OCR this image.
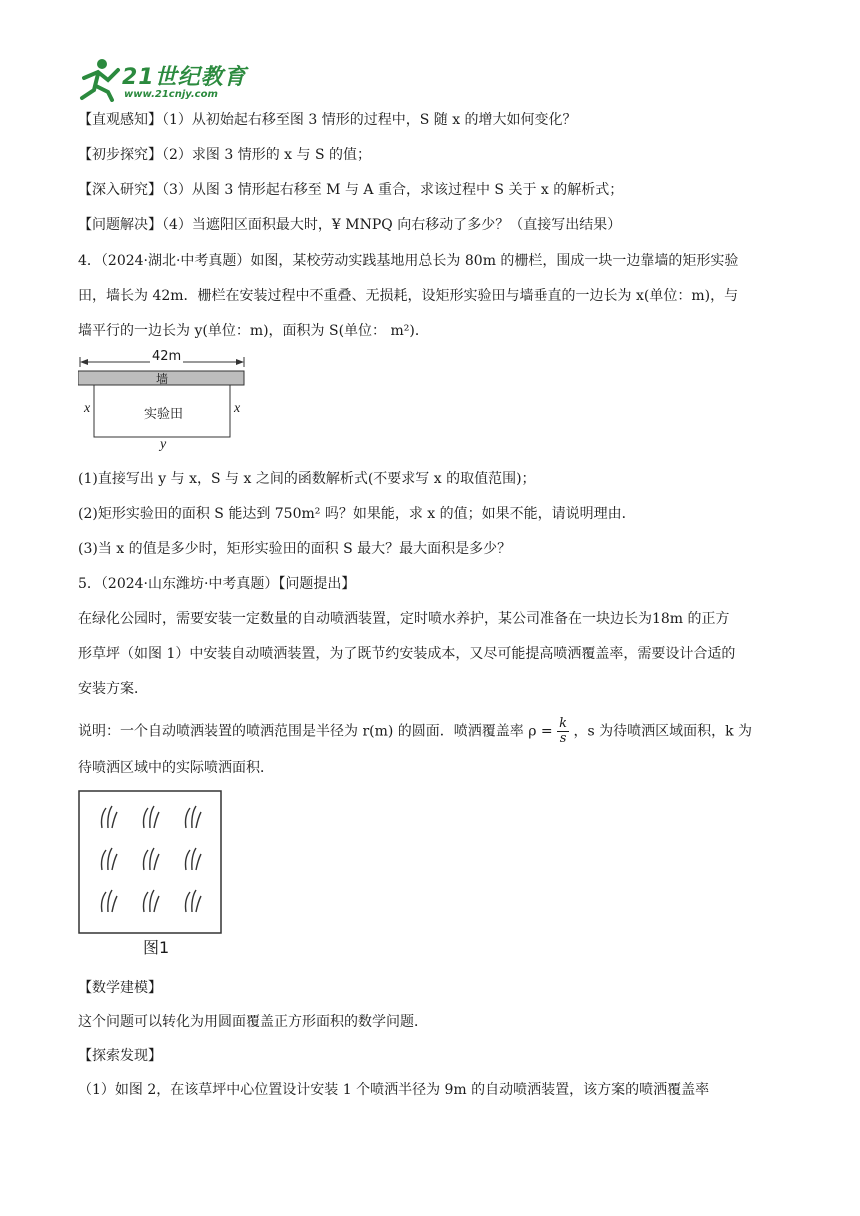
21世纪教育
www.21cnjy.com
【直观感知】（1）从初始起右移至图 3 情形的过程中，S 随 x 的增大如何变化？
【初步探究】（2）求图 3 情形的 x 与 S 的值；
【深入研究】（3）从图 3 情形起右移至 M 与 A 重合，求该过程中 S 关于 x 的解析式；
【问题解决】（4）当遮阳区面积最大时，¥ MNPQ 向右移动了多少？（直接写出结果）
4．（2024·湖北·中考真题）如图，某校劳动实践基地用总长为 80m 的栅栏，围成一块一边靠墙的矩形实验
田，墙长为 42m．栅栏在安装过程中不重叠、无损耗，设矩形实验田与墙垂直的一边长为 x(单位：m)，与
墙平行的一边长为 y(单位：m)，面积为 S(单位： m²)．
42m
墙
实验田
x	x
y
(1)直接写出 y 与 x，S 与 x 之间的函数解析式(不要求写 x 的取值范围)；
(2)矩形实验田的面积 S 能达到 750m² 吗？如果能，求 x 的值；如果不能，请说明理由．
(3)当 x 的值是多少时，矩形实验田的面积 S 最大？最大面积是多少？
5．（2024·山东潍坊·中考真题）【问题提出】
在绿化公园时，需要安装一定数量的自动喷洒装置，定时喷水养护，某公司准备在一块边长为18m 的正方
形草坪（如图 1）中安装自动喷洒装置，为了既节约安装成本，又尽可能提高喷洒覆盖率，需要设计合适的
安装方案．
说明：一个自动喷洒装置的喷洒范围是半径为 r(m) 的圆面．喷洒覆盖率 $\rho = \frac{k}{s}$ ，s 为待喷洒区域面积，k 为
待喷洒区域中的实际喷洒面积．
图1
【数学建模】
这个问题可以转化为用圆面覆盖正方形面积的数学问题．
【探索发现】
（1）如图 2，在该草坪中心位置设计安装 1 个喷洒半径为 9m 的自动喷洒装置，该方案的喷洒覆盖率
